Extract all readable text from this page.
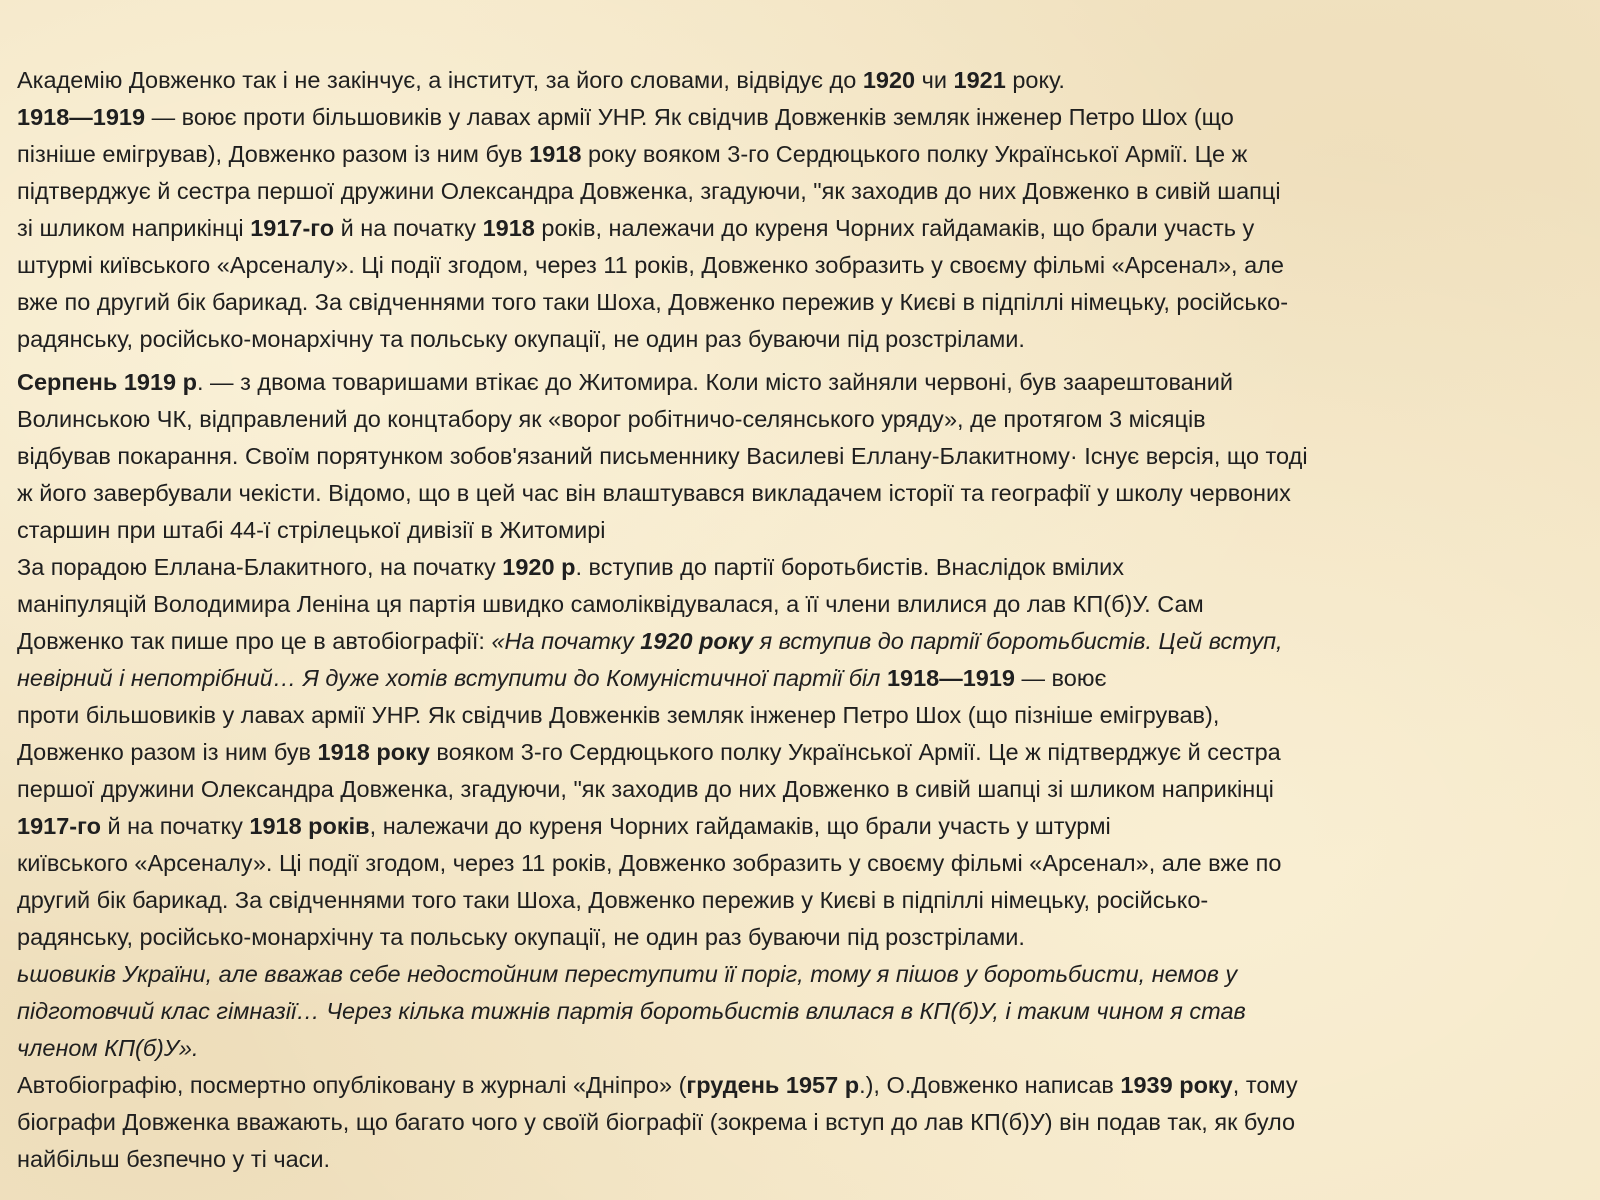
Академію Довженко так і не закінчує, а інститут, за його словами, відвідує до 1920 чи 1921 року.
1918—1919 — воює проти більшовиків у лавах армії УНР. Як свідчив Довженків земляк інженер Петро Шох (що
пізніше емігрував), Довженко разом із ним був 1918 року вояком 3-го Сердюцького полку Української Армії. Це ж
підтверджує й сестра першої дружини Олександра Довженка, згадуючи, "як заходив до них Довженко в сивій шапці
зі шликом наприкінці 1917-го й на початку 1918 років, належачи до куреня Чорних гайдамаків, що брали участь у
штурмі київського «Арсеналу». Ці події згодом, через 11 років, Довженко зобразить у своєму фільмі «Арсенал», але
вже по другий бік барикад. За свідченнями того таки Шоха, Довженко пережив у Києві в підпіллі німецьку, російсько-
радянську, російсько-монархічну та польську окупації, не один раз буваючи під розстрілами.
Серпень 1919 р. — з двома товаришами втікає до Житомира. Коли місто зайняли червоні, був заарештований
Волинською ЧК, відправлений до концтабору як «ворог робітничо-селянського уряду», де протягом 3 місяців
відбував покарання. Своїм порятунком зобов'язаний письменнику Василеві Еллану-Блакитному· Існує версія, що тоді
ж його завербували чекісти. Відомо, що в цей час він влаштувався викладачем історії та географії у школу червоних
старшин при штабі 44-ї стрілецької дивізії в Житомирі
За порадою Еллана-Блакитного, на початку 1920 р. вступив до партії боротьбистів. Внаслідок вмілих
маніпуляцій Володимира Леніна ця партія швидко самоліквідувалася, а її члени влилися до лав КП(б)У. Сам
Довженко так пише про це в автобіографії: «На початку 1920 року я вступив до партії боротьбистів. Цей вступ,
невірний і непотрібний… Я дуже хотів вступити до Комуністичної партії біл 1918—1919 — воює
проти більшовиків у лавах армії УНР. Як свідчив Довженків земляк інженер Петро Шох (що пізніше емігрував),
Довженко разом із ним був 1918 року вояком 3-го Сердюцького полку Української Армії. Це ж підтверджує й сестра
першої дружини Олександра Довженка, згадуючи, "як заходив до них Довженко в сивій шапці зі шликом наприкінці
1917-го й на початку 1918 років, належачи до куреня Чорних гайдамаків, що брали участь у штурмі
київського «Арсеналу». Ці події згодом, через 11 років, Довженко зобразить у своєму фільмі «Арсенал», але вже по
другий бік барикад. За свідченнями того таки Шоха, Довженко пережив у Києві в підпіллі німецьку, російсько-
радянську, російсько-монархічну та польську окупації, не один раз буваючи під розстрілами.
ьшовиків України, але вважав себе недостойним переступити її поріг, тому я пішов у боротьбисти, немов у
підготовчий клас гімназії… Через кілька тижнів партія боротьбистів влилася в КП(б)У, і таким чином я став
членом КП(б)У».
Автобіографію, посмертно опубліковану в журналі «Дніпро» (грудень 1957 р.), О.Довженко написав 1939 року, тому
біографи Довженка вважають, що багато чого у своїй біографії (зокрема і вступ до лав КП(б)У) він подав так, як було
найбільш безпечно у ті часи.
